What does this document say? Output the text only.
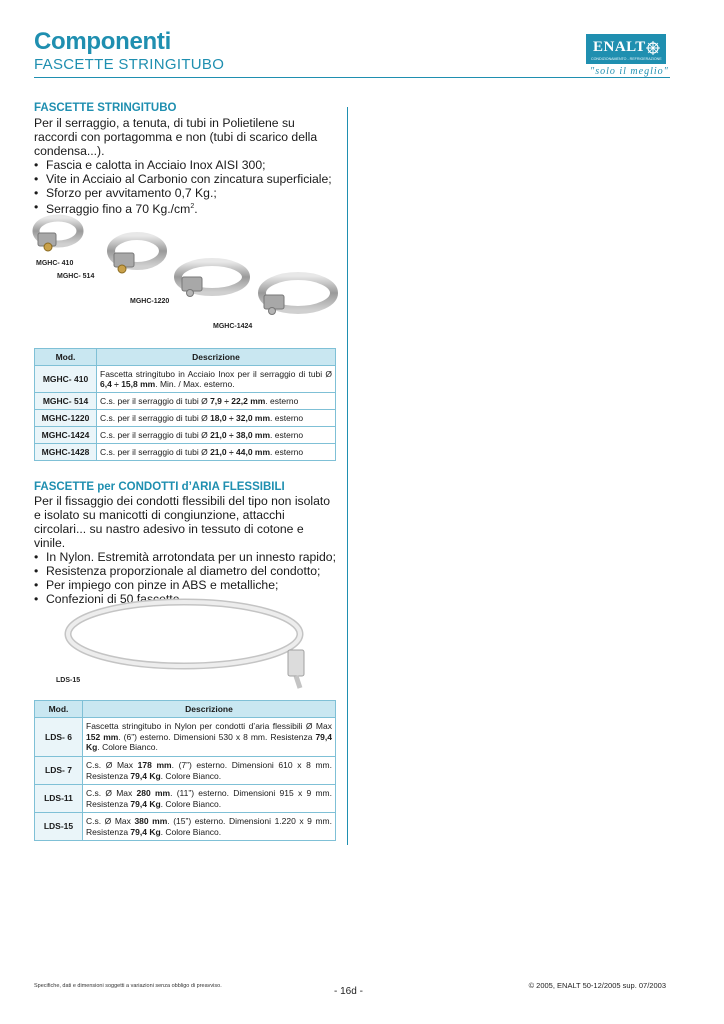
Componenti
FASCETTE STRINGITUBO
ENALT
CONDIZIONAMENTO - REFRIGERAZIONE
"solo il meglio"
FASCETTE STRINGITUBO

Per il serraggio, a tenuta, di tubi in Polietilene su raccordi con portagomma e non (tubi di scarico della condensa...).

• Fascia e calotta in Acciaio Inox AISI 300;
• Vite in Acciaio al Carbonio con zincatura superficiale;
• Sforzo per avvitamento 0,7 Kg.;
• Serraggio fino a 70 $Kg./cm^2$.
MGHC- 410
MGHC- 514
MGHC-1220
MGHC-1424
Mod.	Descrizione
MGHC- 410	Fascetta stringitubo in Acciaio Inox per il serraggio di tubi Ø 6,4 ÷ 15,8 mm. Min. / Max. esterno.
MGHC- 514	C.s. per il serraggio di tubi Ø 7,9 ÷ 22,2 mm. esterno
MGHC-1220	C.s. per il serraggio di tubi Ø 18,0 ÷ 32,0 mm. esterno
MGHC-1424	C.s. per il serraggio di tubi Ø 21,0 ÷ 38,0 mm. esterno
MGHC-1428	C.s. per il serraggio di tubi Ø 21,0 ÷ 44,0 mm. esterno
FASCETTE per CONDOTTI d’ARIA FLESSIBILI

Per il fissaggio dei condotti flessibili del tipo non isolato e isolato su manicotti di congiunzione, attacchi circolari... su nastro adesivo in tessuto di cotone e vinile.

• In Nylon. Estremità arrotondata per un innesto rapido;
• Resistenza proporzionale al diametro del condotto;
• Per impiego con pinze in ABS e metalliche;
• Confezioni di 50 fascette.
LDS-15
Mod.	Descrizione
LDS- 6	Fascetta stringitubo in Nylon per condotti d’aria flessibili Ø Max 152 mm. (6”) esterno. Dimensioni 530 x 8 mm. Resistenza 79,4 Kg. Colore Bianco.
LDS- 7	C.s. Ø Max 178 mm. (7”) esterno. Dimensioni 610 x 8 mm. Resistenza 79,4 Kg. Colore Bianco.
LDS-11	C.s. Ø Max 280 mm. (11”) esterno. Dimensioni 915 x 9 mm. Resistenza 79,4 Kg. Colore Bianco.
LDS-15	C.s. Ø Max 380 mm. (15”) esterno. Dimensioni 1.220 x 9 mm. Resistenza 79,4 Kg. Colore Bianco.
Specifiche, dati e dimensioni soggetti a variazioni senza obbligo di preavviso.	- 16d -
© 2005, ENALT 50-12/2005 sup. 07/2003
